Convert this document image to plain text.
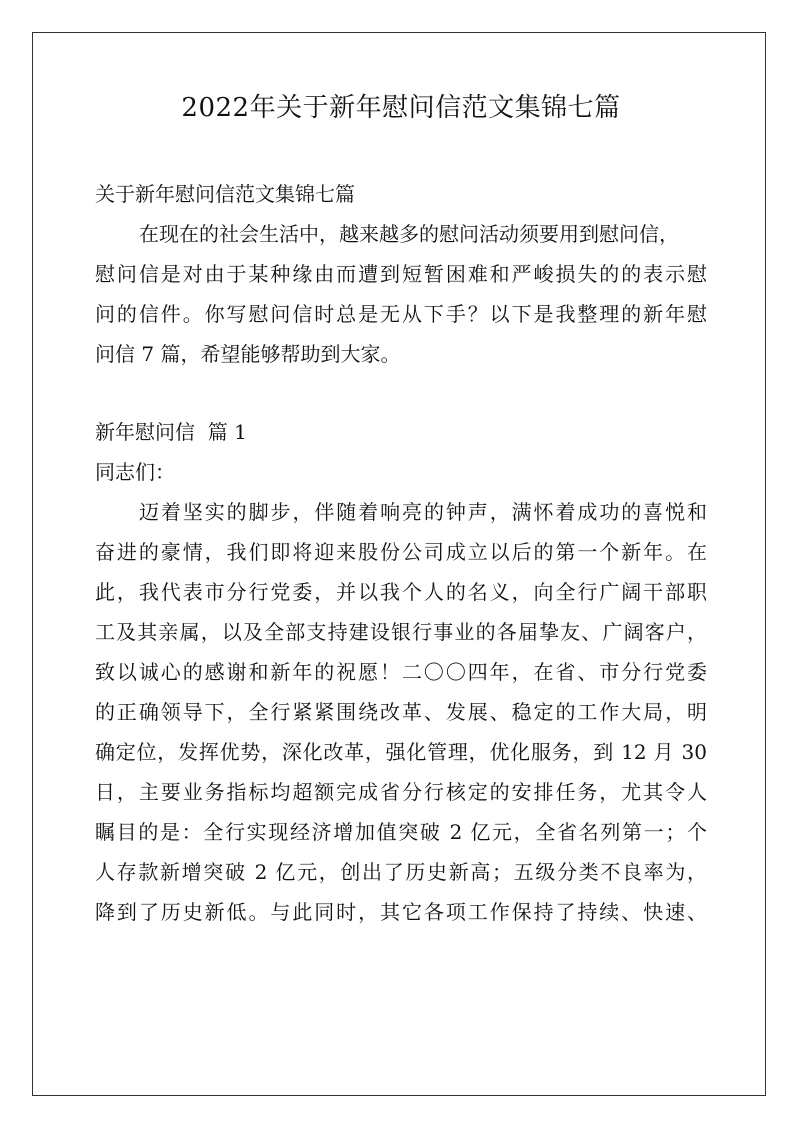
2022年关于新年慰问信范文集锦七篇
关于新年慰问信范文集锦七篇
在现在的社会生活中，越来越多的慰问活动须要用到慰问信，
慰问信是对由于某种缘由而遭到短暂困难和严峻损失的的表示慰
问的信件。你写慰问信时总是无从下手？以下是我整理的新年慰
问信 7 篇，希望能够帮助到大家。
新年慰问信  篇 1
同志们：
迈着坚实的脚步，伴随着响亮的钟声，满怀着成功的喜悦和
奋进的豪情，我们即将迎来股份公司成立以后的第一个新年。在
此，我代表市分行党委，并以我个人的名义，向全行广阔干部职
工及其亲属，以及全部支持建设银行事业的各届挚友、广阔客户，
致以诚心的感谢和新年的祝愿！二〇〇四年，在省、市分行党委
的正确领导下，全行紧紧围绕改革、发展、稳定的工作大局，明
确定位，发挥优势，深化改革，强化管理，优化服务，到 12 月 30
日，主要业务指标均超额完成省分行核定的安排任务，尤其令人
瞩目的是：全行实现经济增加值突破 2 亿元，全省名列第一；个
人存款新增突破 2 亿元，创出了历史新高；五级分类不良率为，
降到了历史新低。与此同时，其它各项工作保持了持续、快速、
